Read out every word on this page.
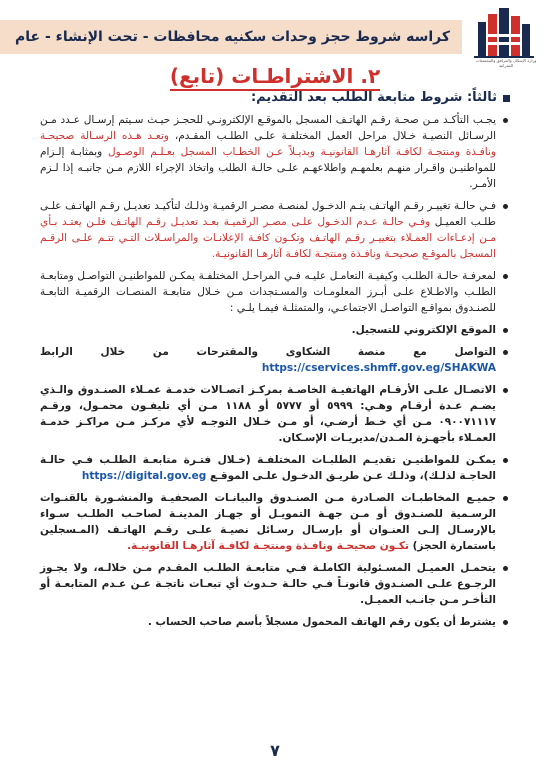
كراسه شروط حجز وحدات سكنيه محافظات - تحت الإنشاء - عام
وزارة الإسكان والمرافق والمجتمعات العمرانية
٢. الاشتراطـات (تابع)
ثالثاً: شروط متابعة الطلب بعد التقديم:
يجـب التأكـد مـن صحـة رقـم الهاتـف المسجل بالموقـع الإلكترونـي للحجـز حيـث سـيتم إرسـال عـدد مـن الرسـائل النصيـة خـلال مراحل العمل المختلفـة علـى الطلـب المقـدم، وتعـد هـذه الرسـالة صحيحـة ونافـذة ومنتجـة لكافـة آثارهـا القانونيـة وبديـلاً عـن الخطـاب المسجل بعـلـم الوصـول وبمثابـة إلـزام للمواطنيـن واقـرار منهـم بعلمهـم واطلاعهـم علـى حالـة الطلب واتخاذ الإجراء اللازم مـن جانبـه إذا لـزم الأمـر.
فـي حالـة تغييـر رقـم الهاتـف يتـم الدخـول لمنصـة مصـر الرقميـة وذلـك لتأكيـد تعديـل رقـم الهاتـف علـى طلـب العميـل وفـي حالـة عـدم الدخـول علـى مصـر الرقميـة بعـد تعديـل رقـم الهاتـف فلـن يعتـد بـأي مـن إدعـاءات العمـلاء بتغييـر رقـم الهاتـف وتكـون كافـة الإعلانـات والمراسـلات التـي تتـم علـى الرقـم المسجل بالموقـع صحيحـة ونافـذة ومنتجـة لكافـة آثارهـا القانونيـة.
لمعرفـة حالـة الطلـب وكيفيـة التعامـل عليـه فـي المراحـل المختلفـة يمكـن للمواطنيـن التواصـل ومتابعـة الطلـب والاطـلاع علـى أبـرز المعلومـات والمسـتجدات مـن خـلال متابعـة المنصـات الرقميـة التابعـة للصنـدوق بمواقـع التواصـل الاجتماعـي، والمتمثلـة فيمـا يلـي :
الموقع الإلكتروني للتسجيل.
التواصل مع منصة الشكاوى والمقترحات من خلال الرابط https://cservices.shmff.gov.eg/SHAKWA
الاتصـال علـى الأرقـام الهاتفيـة الخاصـة بمركـز اتصـالات خدمـة عمـلاء الصنـدوق والـذي يضـم عـدة أرقـام وهـي: ٥٩٩٩ أو ٥٧٧٧ أو ١١٨٨ مـن أي تليفـون محمـول، ورقـم ٠٩٠٠٧١١١٧ مـن أي خـط أرضـي، أو مـن خـلال التوجـه لأي مركـز مـن مراكـز خدمـة العمـلاء بأجهـزة المـدن/مديريـات الإسـكان.
يمكـن للمواطنيـن تقديـم الطلبـات المختلفـة (خـلال فتـرة متابعـة الطلـب فـي حالـة الحاجـة لذلـك)، وذلـك عـن طريـق الدخـول علـى الموقـع https://digital.gov.eg
جميـع المخاطبـات الصـادرة مـن الصنـدوق والبيانـات الصحفيـة والمنشـورة بالقنـوات الرسـمية للصنـدوق أو مـن جهـة التمويـل أو جهـاز المدينـة لصاحـب الطلـب سـواء بالإرسـال إلـى العنـوان أو بإرسـال رسـائل نصيـة علـى رقـم الهاتـف (المـسجلين باستمارة الحجز) تكـون صحيحـة ونافـذة ومنتجـة لكافـة آثارهـا القانونيـة.
يتحمـل العميـل المسـئولية الكاملـة فـي متابعـة الطلـب المقـدم مـن خلالـه، ولا يجـوز الرجـوع علـى الصنـدوق قانونـاً فـي حالـة حـدوث أي تبعـات ناتجـة عـن عـدم المتابعـة أو التأخـر مـن جانـب العميـل.
يشترط أن يكون رقم الهاتف المحمول مسجلاً بأسم صاحب الحساب .
٧
